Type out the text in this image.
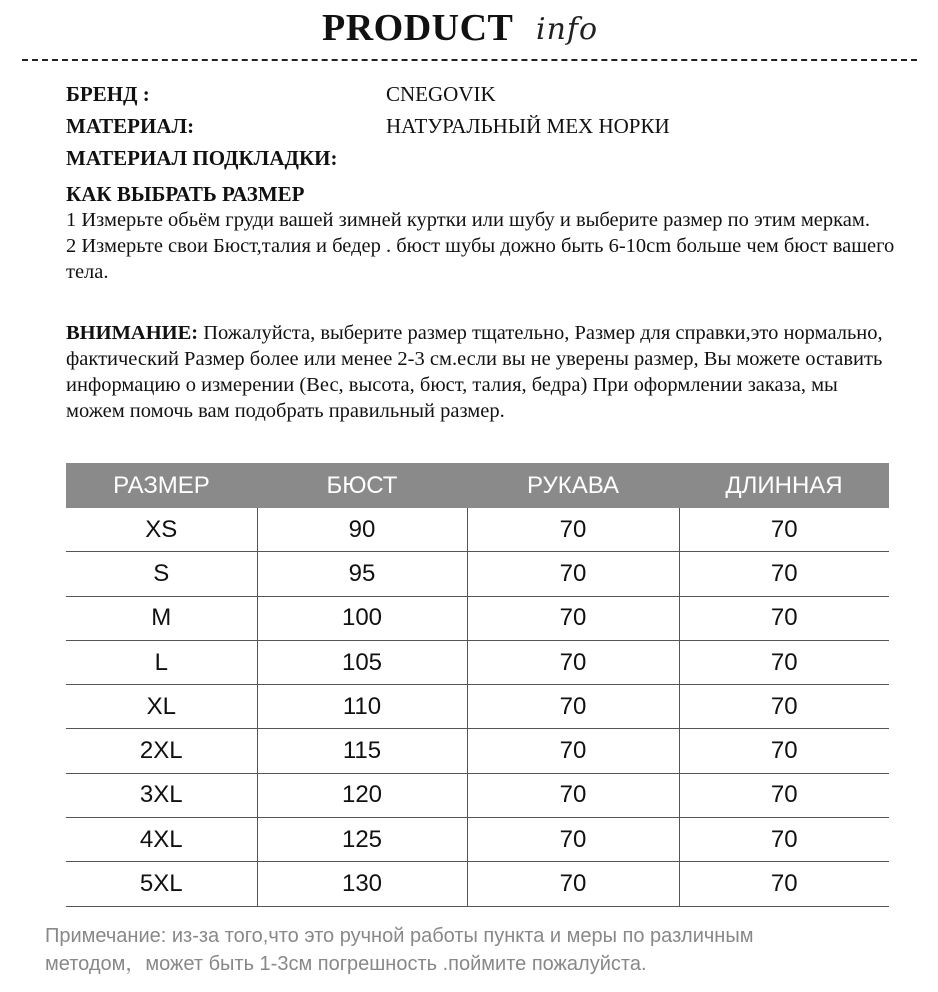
PRODUCT info
БРЕНД :	CNEGOVIK
МАТЕРИАЛ:	НАТУРАЛЬНЫЙ МЕХ НОРКИ
МАТЕРИАЛ ПОДКЛАДКИ:
КАК ВЫБРАТЬ РАЗМЕР
1 Измерьте обьём груди вашей зимней куртки или шубу и выберите размер по этим меркам.
2 Измерьте свои Бюст,талия и бедер . бюст шубы дожно быть 6-10cm больше чем бюст вашего тела.
ВНИМАНИЕ: Пожалуйста, выберите размер тщательно, Размер для справки,это нормально, фактический Размер более или менее 2-3 см.если вы не уверены размер, Вы можете оставить информацию о измерении (Вес, высота, бюст, талия, бедра) При оформлении заказа, мы можем помочь вам подобрать правильный размер.
РАЗМЕР	БЮСТ	РУКАВА	ДЛИННАЯ
XS	90	70	70
S	95	70	70
M	100	70	70
L	105	70	70
XL	110	70	70
2XL	115	70	70
3XL	120	70	70
4XL	125	70	70
5XL	130	70	70
Примечание: из-за того,что это ручной работы пункта и меры по различным
методом，может быть 1-3см погрешность .поймите пожалуйста.
